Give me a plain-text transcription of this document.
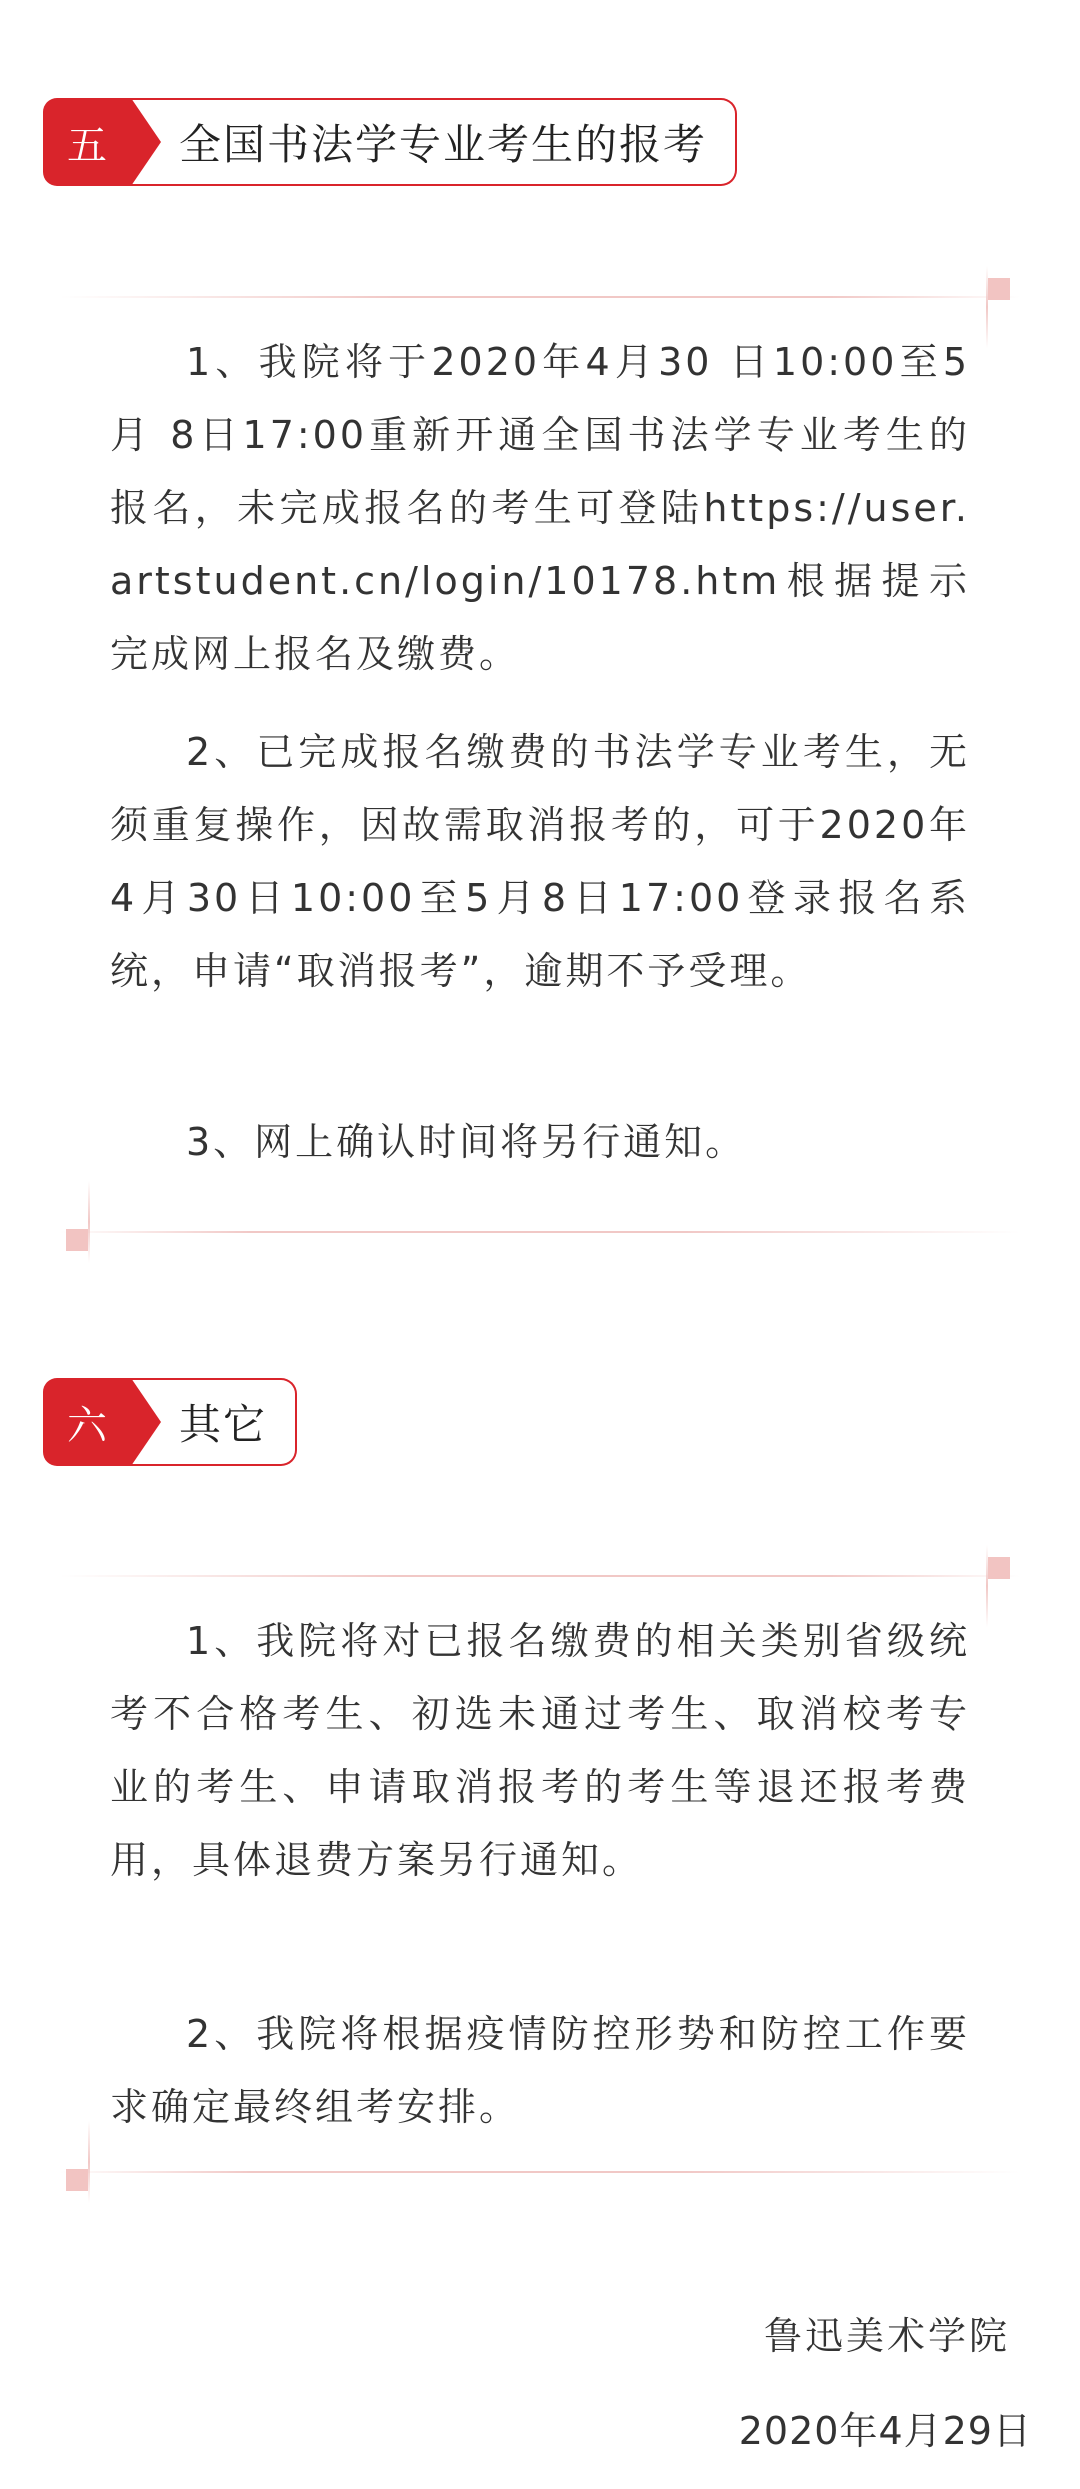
五 全国书法学专业考生的报考

1、我院将于2020年4月30 日10:00至5月 8日17:00重新开通全国书法学专业考生的报名，未完成报名的考生可登陆https://user.artstudent.cn/login/10178.htm根据提示完成网上报名及缴费。

2、已完成报名缴费的书法学专业考生，无须重复操作，因故需取消报考的，可于2020年4月30日10:00至5月8日17:00登录报名系统，申请“取消报考”，逾期不予受理。

3、网上确认时间将另行通知。

六 其它

1、我院将对已报名缴费的相关类别省级统考不合格考生、初选未通过考生、取消校考专业的考生、申请取消报考的考生等退还报考费用，具体退费方案另行通知。

2、我院将根据疫情防控形势和防控工作要求确定最终组考安排。

鲁迅美术学院
2020年4月29日
